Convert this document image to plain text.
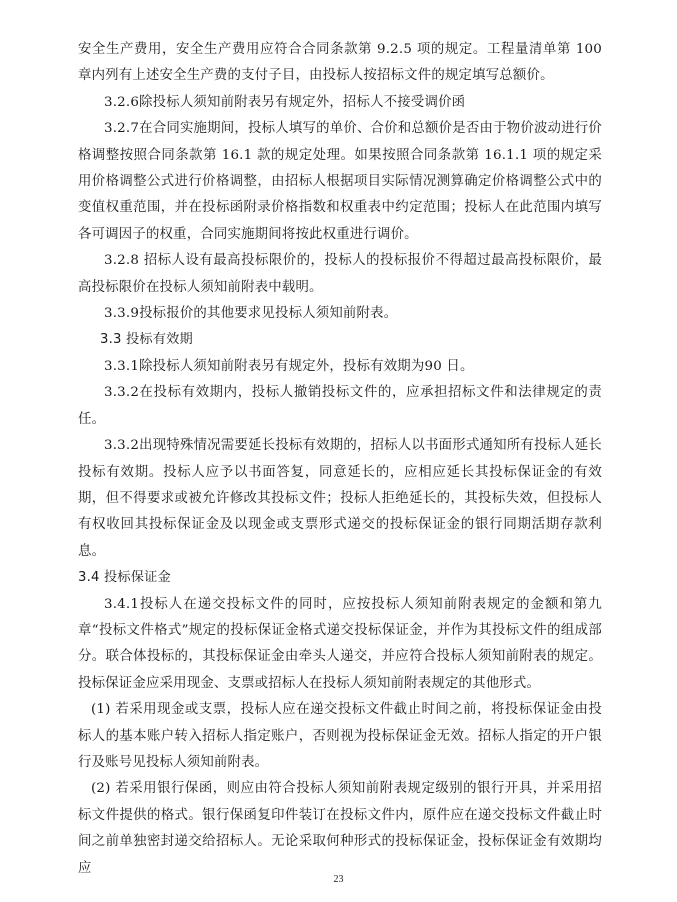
安全生产费用，安全生产费用应符合合同条款第 9.2.5 项的规定。工程量清单第 100 章内列有上述安全生产费的支付子目，由投标人按招标文件的规定填写总额价。

3.2.6除投标人须知前附表另有规定外，招标人不接受调价函

3.2.7在合同实施期间，投标人填写的单价、合价和总额价是否由于物价波动进行价格调整按照合同条款第 16.1 款的规定处理。如果按照合同条款第 16.1.1 项的规定采用价格调整公式进行价格调整，由招标人根据项目实际情况测算确定价格调整公式中的变值权重范围，并在投标函附录价格指数和权重表中约定范围；投标人在此范围内填写各可调因子的权重，合同实施期间将按此权重进行调价。

3.2.8 招标人设有最高投标限价的，投标人的投标报价不得超过最高投标限价，最高投标限价在投标人须知前附表中载明。

3.3.9投标报价的其他要求见投标人须知前附表。

3.3 投标有效期

3.3.1除投标人须知前附表另有规定外，投标有效期为90 日。

3.3.2在投标有效期内，投标人撤销投标文件的，应承担招标文件和法律规定的责任。

3.3.2出现特殊情况需要延长投标有效期的，招标人以书面形式通知所有投标人延长投标有效期。投标人应予以书面答复，同意延长的，应相应延长其投标保证金的有效期，但不得要求或被允许修改其投标文件；投标人拒绝延长的，其投标失效，但投标人有权收回其投标保证金及以现金或支票形式递交的投标保证金的银行同期活期存款利息。

3.4 投标保证金

3.4.1投标人在递交投标文件的同时，应按投标人须知前附表规定的金额和第九章“投标文件格式”规定的投标保证金格式递交投标保证金，并作为其投标文件的组成部分。联合体投标的，其投标保证金由牵头人递交，并应符合投标人须知前附表的规定。投标保证金应采用现金、支票或招标人在投标人须知前附表规定的其他形式。

(1) 若采用现金或支票，投标人应在递交投标文件截止时间之前，将投标保证金由投标人的基本账户转入招标人指定账户，否则视为投标保证金无效。招标人指定的开户银行及账号见投标人须知前附表。

(2) 若采用银行保函，则应由符合投标人须知前附表规定级别的银行开具，并采用招标文件提供的格式。银行保函复印件装订在投标文件内，原件应在递交投标文件截止时间之前单独密封递交给招标人。无论采取何种形式的投标保证金，投标保证金有效期均应

23
